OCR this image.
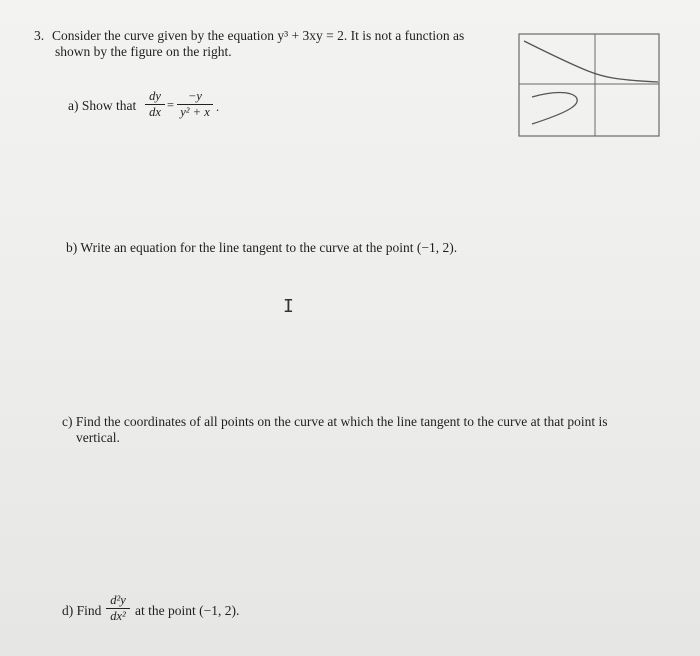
3. Consider the curve given by the equation y³ + 3xy = 2. It is not a function as
shown by the figure on the right.
a) Show that
dy
dx =
−y
y² + x .
b) Write an equation for the line tangent to the curve at the point (−1, 2).
I
c) Find the coordinates of all points on the curve at which the line tangent to the curve at that point is
vertical.
d) Find
d²y
dx² at the point (−1, 2).
